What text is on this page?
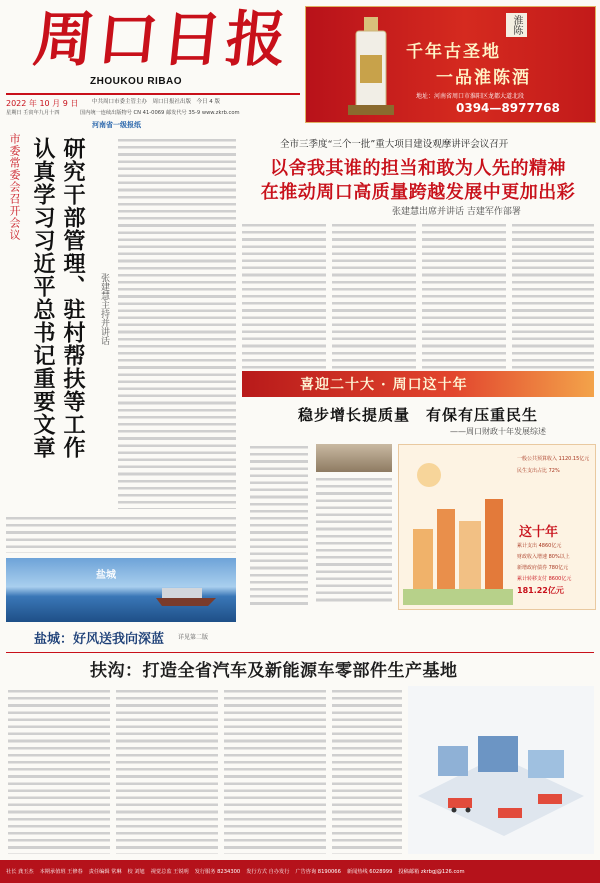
周口日报
ZHOUKOU RIBAO
2022 年 10 月 9 日 中共周口市委主管主办　周口日报社出版　今日 4 版
星期日 壬寅年九月十四	国内统一连续出版物号 CN 41-0069 邮发代号 35-9 www.zkrb.com
河南省一级报纸
淮陈
千年古圣地
一品淮陈酒
地址：河南省周口市淮阳区龙都大道北段
0394—8977768
市委常委会召开会议 研究干部管理、驻村帮扶等工作
认真学习习近平总书记重要文章	张建慧主持并讲话
全市三季度“三个一批”重大项目建设观摩讲评会议召开
以舍我其谁的担当和敢为人先的精神
在推动周口高质量跨越发展中更加出彩
张建慧出席并讲话 吉建军作部署
喜迎二十大 · 周口这十年
稳步增长提质量　有保有压重民生
——周口财政十年发展综述
这十年
一般公共预算收入 1120.15亿元
民生支出占比 72%
累计支出 4860亿元
财政收入增速 80%以上
新增政府债券 780亿元
累计转移支付 8600亿元
181.22亿元
盐城
盐城：好风送我向深蓝 详见第二版
扶沟：打造全省汽车及新能源车零部件生产基地
社长 龚玉杰 本期承值班 王修春 责任编辑 常琳 校 刘旭 视觉总监 王锐明 发行服务 8234300 发行方式 自办发行 广告咨询 8190066 新闻热线 6028999 投稿邮箱 zkrbgj@126.com
